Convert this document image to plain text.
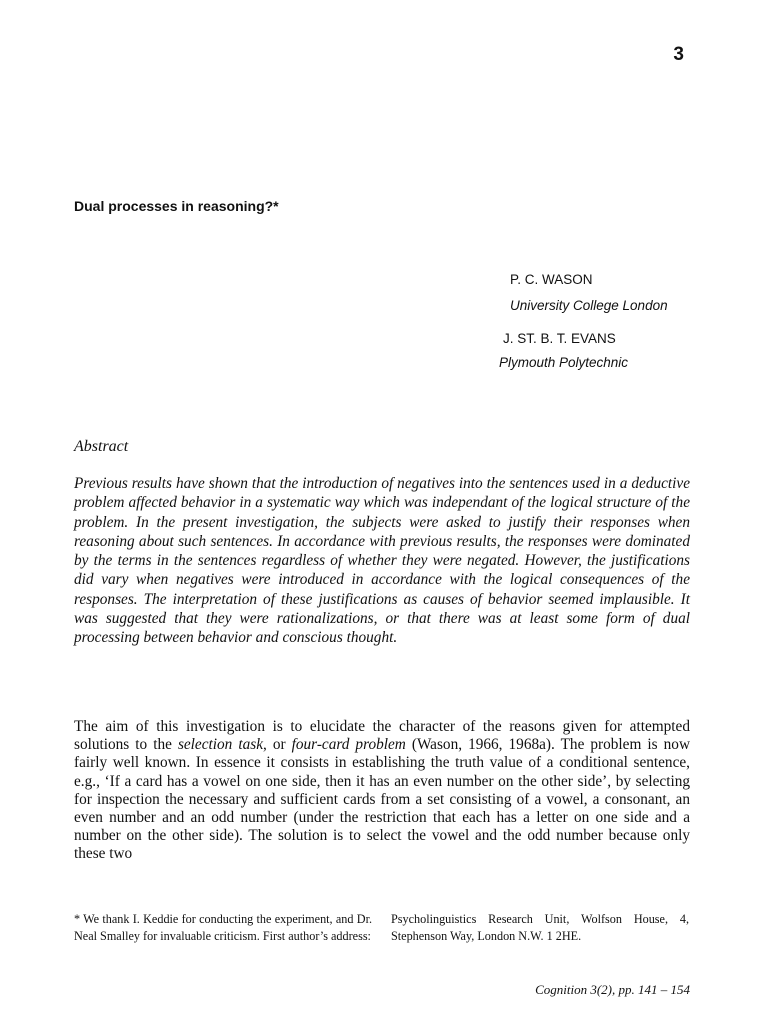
3
Dual processes in reasoning?*
P. C. WASON
University College London
J. ST. B. T. EVANS
Plymouth Polytechnic
Abstract

Previous results have shown that the introduction of negatives into the sentences used in a deductive problem affected behavior in a systematic way which was independant of the logical structure of the problem. In the present investigation, the subjects were asked to justify their responses when reasoning about such sentences. In accordance with previous results, the responses were dominated by the terms in the sentences regardless of whether they were negated. However, the justifications did vary when negatives were introduced in accordance with the logical consequences of the responses. The interpretation of these justifications as causes of behavior seemed implausible. It was suggested that they were rationalizations, or that there was at least some form of dual processing between behavior and conscious thought.

The aim of this investigation is to elucidate the character of the reasons given for attempted solutions to the selection task, or four-card problem (Wason, 1966, 1968a). The problem is now fairly well known. In essence it consists in establishing the truth value of a conditional sentence, e.g., ‘If a card has a vowel on one side, then it has an even number on the other side’, by selecting for inspection the necessary and sufficient cards from a set consisting of a vowel, a consonant, an even number and an odd number (under the restriction that each has a letter on one side and a number on the other side). The solution is to select the vowel and the odd number because only these two

* We thank I. Keddie for conducting the experiment, and Dr. Neal Smalley for invaluable criticism. First author’s address:

Psycholinguistics Research Unit, Wolfson House, 4, Stephenson Way, London N.W. 1 2HE.

Cognition 3(2), pp. 141 – 154
